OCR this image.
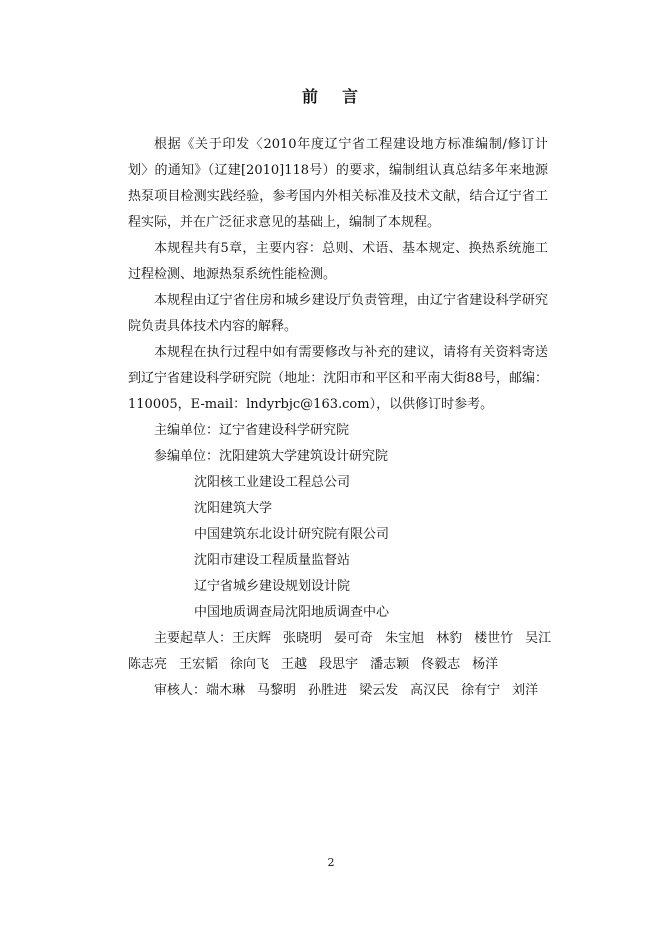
前 言

根据《关于印发〈2010年度辽宁省工程建设地方标准编制/修订计划〉的通知》（辽建[2010]118号）的要求，编制组认真总结多年来地源热泵项目检测实践经验，参考国内外相关标准及技术文献，结合辽宁省工程实际，并在广泛征求意见的基础上，编制了本规程。

本规程共有5章，主要内容：总则、术语、基本规定、换热系统施工过程检测、地源热泵系统性能检测。

本规程由辽宁省住房和城乡建设厅负责管理，由辽宁省建设科学研究院负责具体技术内容的解释。

本规程在执行过程中如有需要修改与补充的建议，请将有关资料寄送到辽宁省建设科学研究院（地址：沈阳市和平区和平南大街88号，邮编：110005，E-mail：lndyrbjc@163.com），以供修订时参考。

主编单位：辽宁省建设科学研究院
参编单位：沈阳建筑大学建筑设计研究院
沈阳核工业建设工程总公司
沈阳建筑大学
中国建筑东北设计研究院有限公司
沈阳市建设工程质量监督站
辽宁省城乡建设规划设计院
中国地质调查局沈阳地质调查中心
主要起草人：王庆辉 张晓明 晏可奇 朱宝旭 林豹 楼世竹 吴江
陈志亮 王宏韬 徐向飞 王越 段思宇 潘志颖 佟毅志 杨洋
审核人：端木琳 马黎明 孙胜进 梁云发 高汉民 徐有宁 刘洋
2
